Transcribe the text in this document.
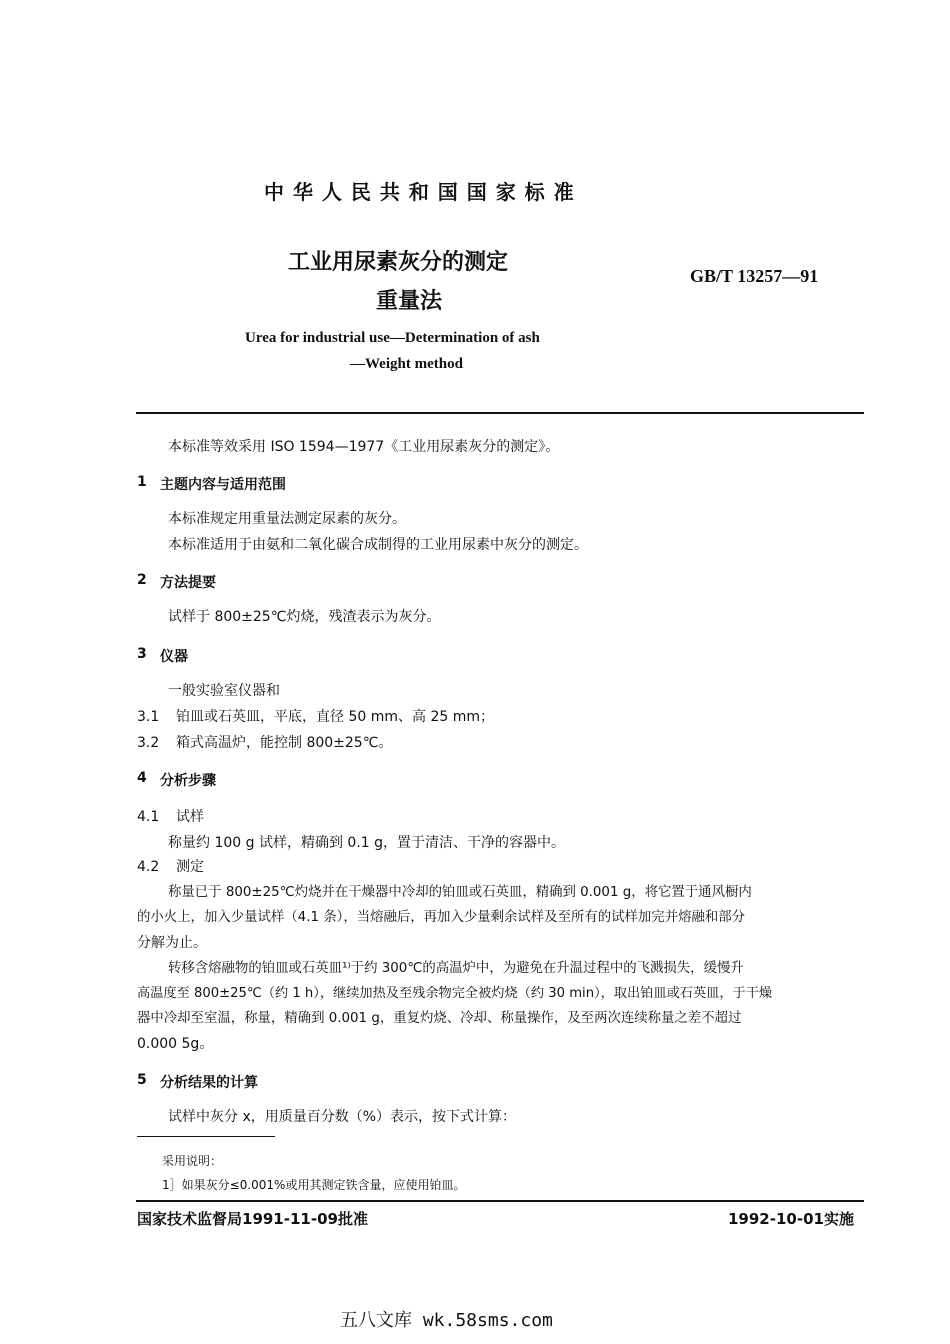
中 华 人 民 共 和 国 国 家 标 准
工业用尿素灰分的测定
重量法
GB/T 13257—91
Urea for industrial use—Determination of ash
—Weight method
本标准等效采用 ISO 1594—1977《工业用尿素灰分的测定》。
1 主题内容与适用范围
本标准规定用重量法测定尿素的灰分。
本标准适用于由氨和二氧化碳合成制得的工业用尿素中灰分的测定。
2 方法提要
试样于 800±25℃灼烧，残渣表示为灰分。
3 仪器
一般实验室仪器和
3.1 铂皿或石英皿，平底，直径 50 mm、高 25 mm；
3.2 箱式高温炉，能控制 800±25℃。
4 分析步骤
4.1 试样
称量约 100 g 试样，精确到 0.1 g，置于清洁、干净的容器中。
4.2 测定
称量已于 800±25℃灼烧并在干燥器中冷却的铂皿或石英皿，精确到 0.001 g，将它置于通风橱内
的小火上，加入少量试样（4.1 条），当熔融后，再加入少量剩余试样及至所有的试样加完并熔融和部分
分解为止。
转移含熔融物的铂皿或石英皿¹⁾于约 300℃的高温炉中，为避免在升温过程中的飞溅损失，缓慢升
高温度至 800±25℃（约 1 h），继续加热及至残余物完全被灼烧（约 30 min），取出铂皿或石英皿，于干燥
器中冷却至室温，称量，精确到 0.001 g，重复灼烧、冷却、称量操作，及至两次连续称量之差不超过
0.000 5g。
5 分析结果的计算
试样中灰分 x，用质量百分数（%）表示，按下式计算：
采用说明：
1］如果灰分≤0.001%或用其测定铁含量，应使用铂皿。
国家技术监督局1991-11-09批准	1992-10-01实施
五八文库 wk.58sms.com
